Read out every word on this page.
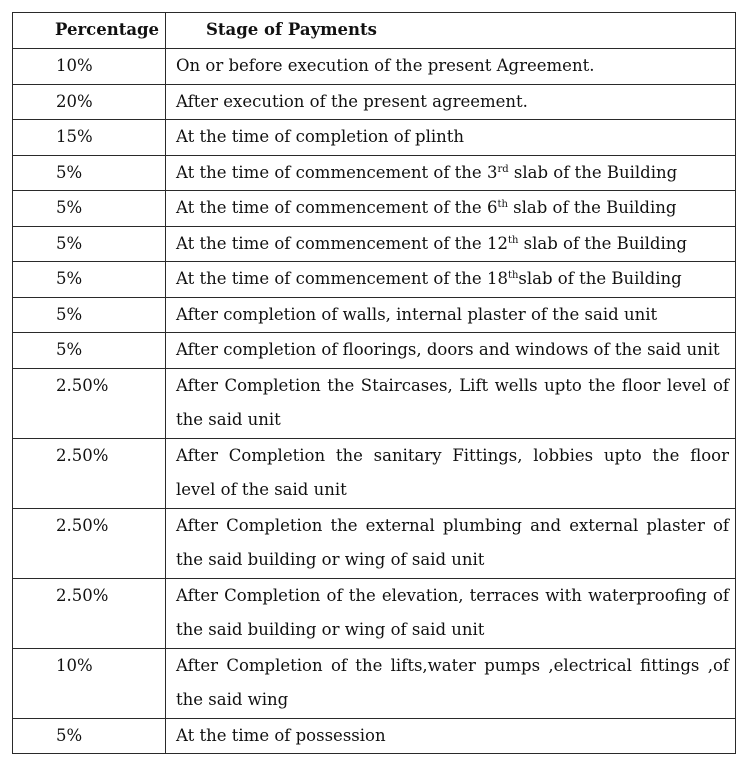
Percentage	Stage of Payments
10%	On or before execution of the present Agreement.
20%	After execution of the present agreement.
15%	At the time of completion of plinth
5%	At the time of commencement of the 3rd slab of the Building
5%	At the time of commencement of the 6th slab of the Building
5%	At the time of commencement of the 12th slab of the Building
5%	At the time of commencement of the 18thslab of the Building
5%	After completion of walls, internal plaster of the said unit
5%	After completion of floorings, doors and windows of the said unit
2.50%	After Completion the Staircases, Lift wells upto the floor level of the said unit
2.50%	After Completion the sanitary Fittings, lobbies upto the floor level of the said unit
2.50%	After Completion the external plumbing and external plaster of the said building or wing of said unit
2.50%	After Completion of the elevation, terraces with waterproofing of the said building or wing of said unit
10%	After Completion of the lifts,water pumps ,electrical fittings ,of the said wing
5%	At the time of possession
